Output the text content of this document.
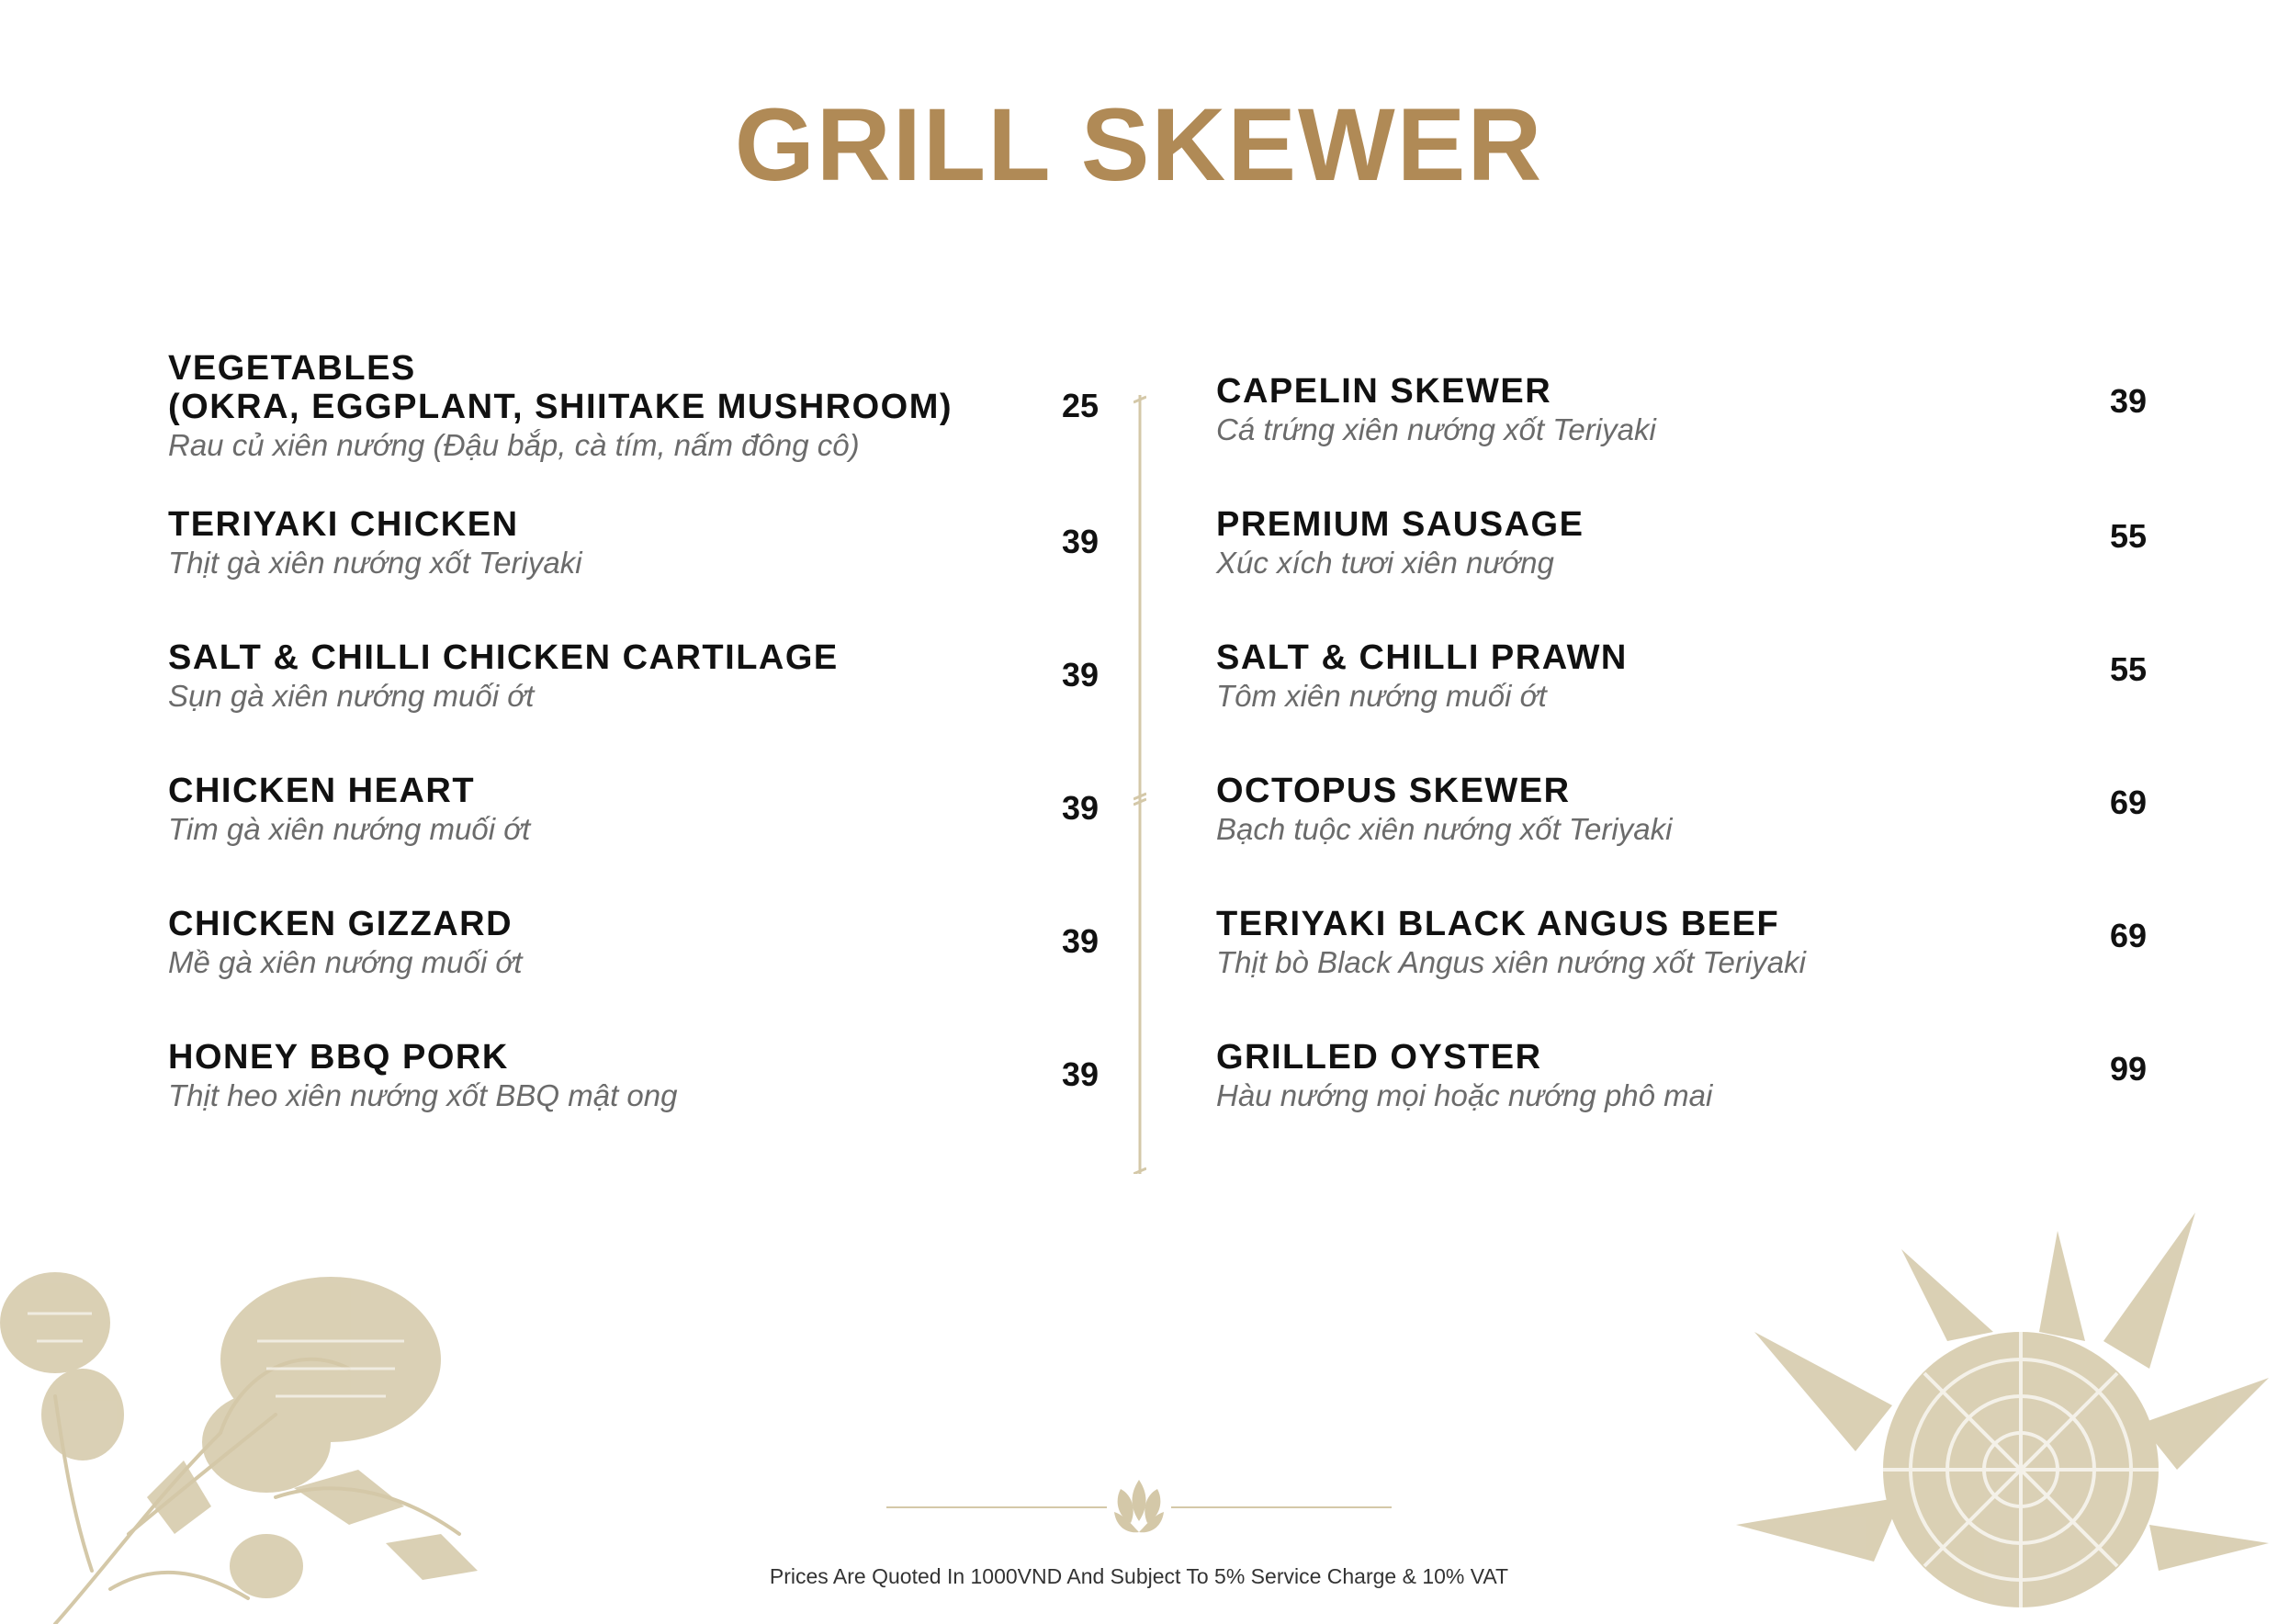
GRILL SKEWER
VEGETABLES
(OKRA, EGGPLANT, SHIITAKE MUSHROOM)
Rau củ xiên nướng (Đậu bắp, cà tím, nấm đông cô)
25
TERIYAKI CHICKEN
Thịt gà xiên nướng xốt Teriyaki
39
SALT & CHILLI CHICKEN CARTILAGE
Sụn gà xiên nướng muối ớt
39
CHICKEN HEART
Tim gà xiên nướng muối ớt
39
CHICKEN GIZZARD
Mề gà xiên nướng muối ớt
39
HONEY BBQ PORK
Thịt heo xiên nướng xốt BBQ mật ong
39
CAPELIN SKEWER
Cá trứng xiên nướng xốt Teriyaki
39
PREMIUM SAUSAGE
Xúc xích tươi xiên nướng
55
SALT & CHILLI PRAWN
Tôm xiên nướng muối ớt
55
OCTOPUS SKEWER
Bạch tuộc xiên nướng xốt Teriyaki
69
TERIYAKI BLACK ANGUS BEEF
Thịt bò Black Angus xiên nướng xốt Teriyaki
69
GRILLED OYSTER
Hàu nướng mọi hoặc nướng phô mai
99
Prices Are Quoted In 1000VND And Subject To 5% Service Charge & 10% VAT
